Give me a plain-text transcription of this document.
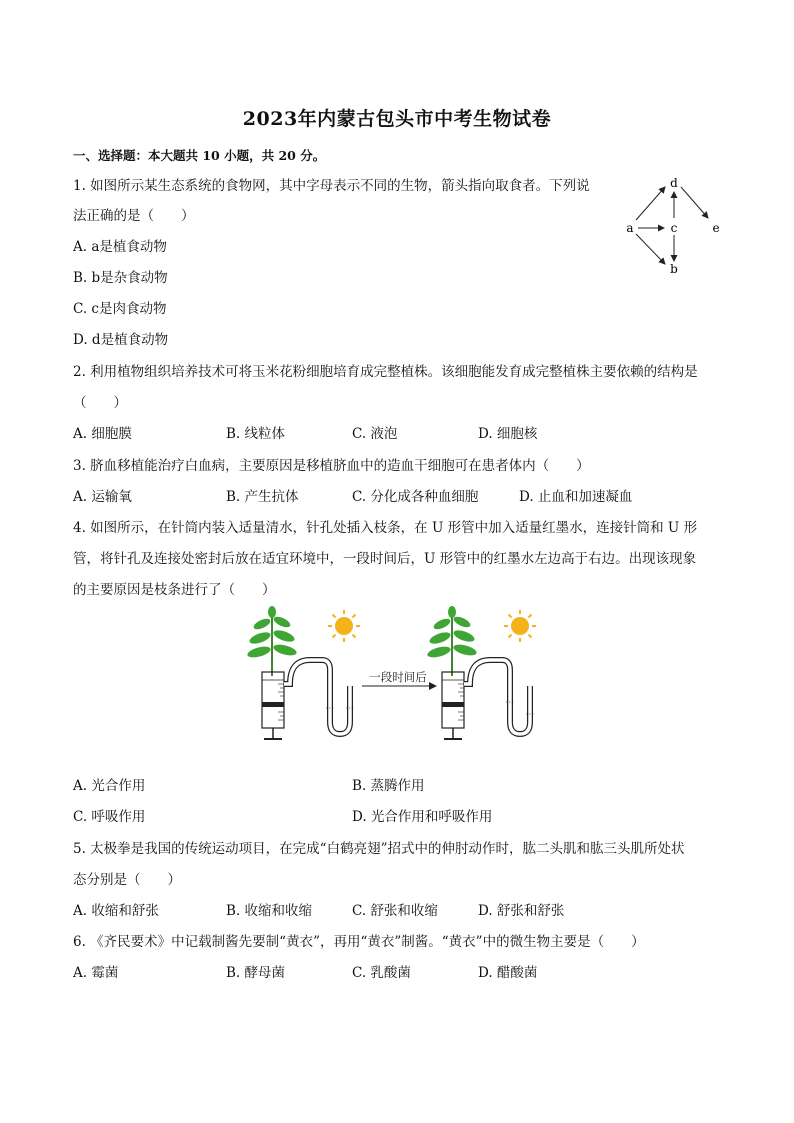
2023年内蒙古包头市中考生物试卷
一、选择题：本大题共 10 小题，共 20 分。
1. 如图所示某生态系统的食物网，其中字母表示不同的生物，箭头指向取食者。下列说
法正确的是（　　）
A. a是植食动物
B. b是杂食动物
C. c是肉食动物
D. d是植食动物
a	c
d
b
e
2. 利用植物组织培养技术可将玉米花粉细胞培育成完整植株。该细胞能发育成完整植株主要依赖的结构是
（　　）
A. 细胞膜	B. 线粒体	C. 液泡	D. 细胞核
3. 脐血移植能治疗白血病，主要原因是移植脐血中的造血干细胞可在患者体内（　　）
A. 运输氧	B. 产生抗体	C. 分化成各种血细胞	D. 止血和加速凝血
4. 如图所示，在针筒内装入适量清水，针孔处插入枝条，在 U 形管中加入适量红墨水，连接针筒和 U 形
管，将针孔及连接处密封后放在适宜环境中，一段时间后，U 形管中的红墨水左边高于右边。出现该现象
的主要原因是枝条进行了（　　）
一段时间后
A. 光合作用	B. 蒸腾作用
C. 呼吸作用	D. 光合作用和呼吸作用
5. 太极拳是我国的传统运动项目，在完成“白鹤亮翅”招式中的伸肘动作时，肱二头肌和肱三头肌所处状
态分别是（　　）
A. 收缩和舒张	B. 收缩和收缩	C. 舒张和收缩	D. 舒张和舒张
6. 《齐民要术》中记载制酱先要制“黄衣”，再用“黄衣”制酱。“黄衣”中的微生物主要是（　　）
A. 霉菌	B. 酵母菌	C. 乳酸菌	D. 醋酸菌
